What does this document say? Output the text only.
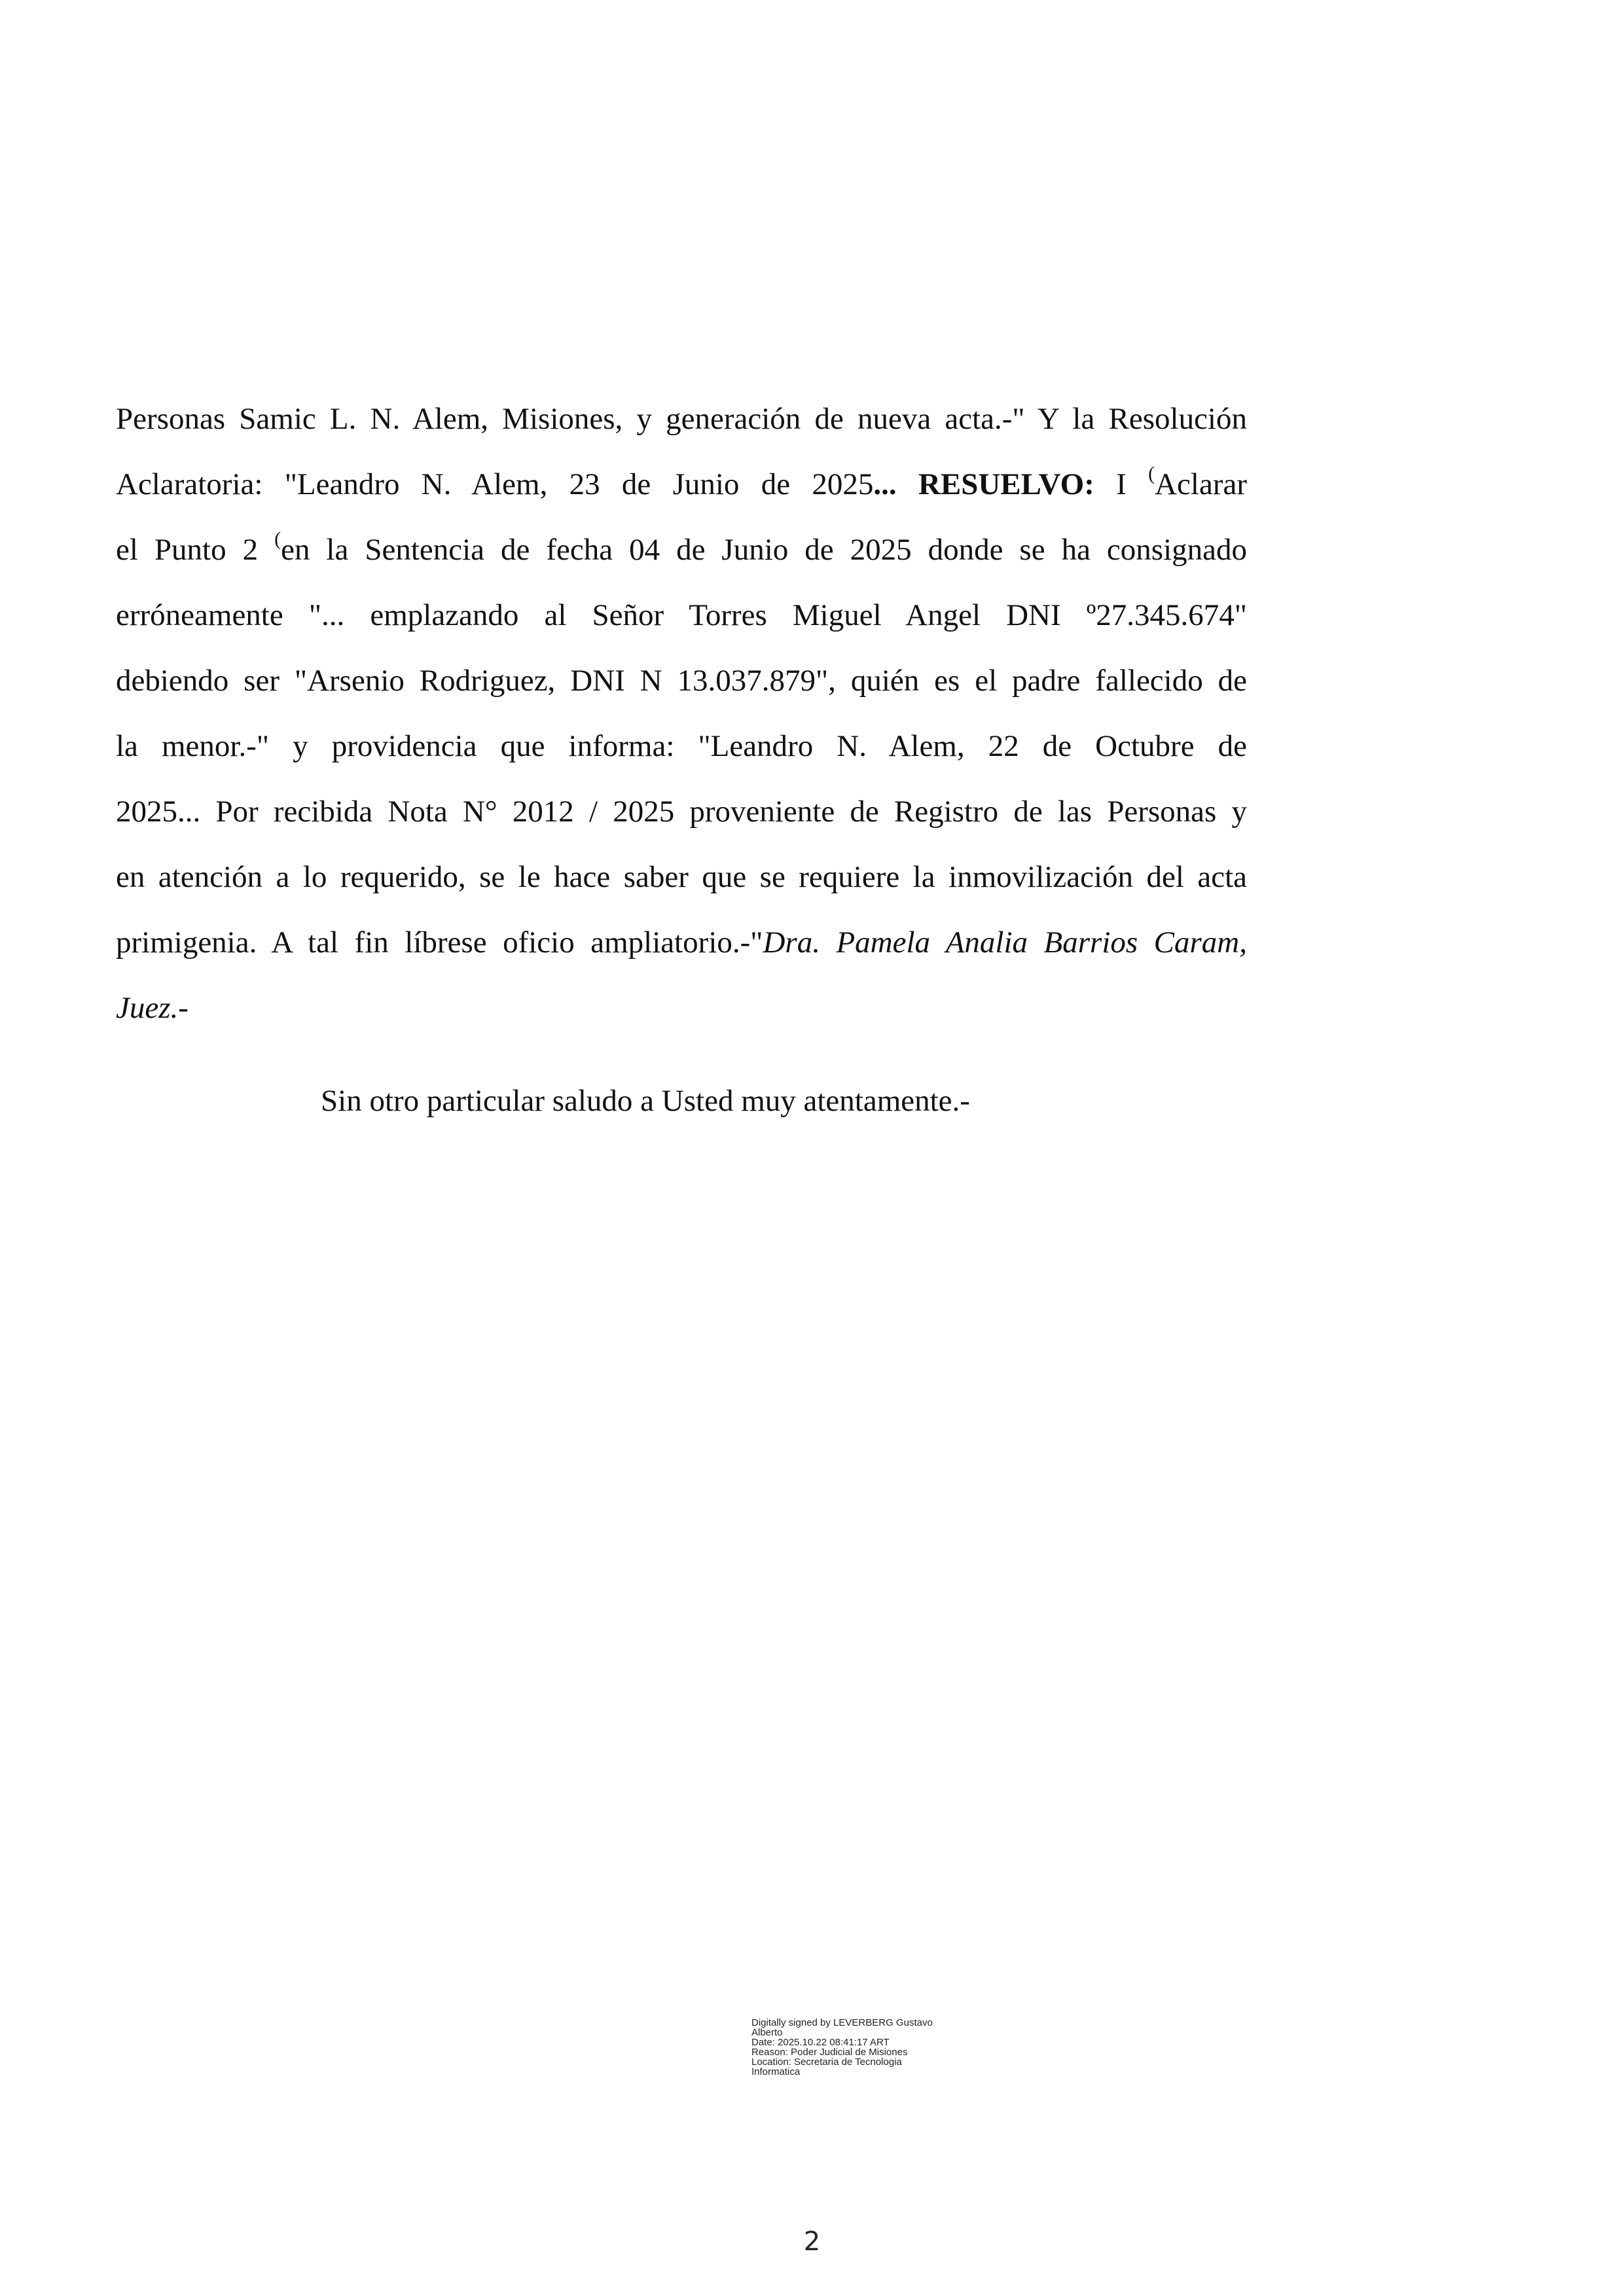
Personas Samic L. N. Alem, Misiones, y generación de nueva acta.-" Y la Resolución
Aclaratoria: "Leandro N. Alem, 23 de Junio de 2025... RESUELVO: I (Aclarar
el Punto 2 (en la Sentencia de fecha 04 de Junio de 2025 donde se ha consignado
erróneamente "... emplazando al Señor Torres Miguel Angel DNI º27.345.674"
debiendo ser "Arsenio Rodriguez, DNI N 13.037.879", quién es el padre fallecido de
la menor.-" y providencia que informa: "Leandro N. Alem, 22 de Octubre de
2025... Por recibida Nota N° 2012 / 2025 proveniente de Registro de las Personas y
en atención a lo requerido, se le hace saber que se requiere la inmovilización del acta
primigenia. A tal fin líbrese oficio ampliatorio.-"Dra. Pamela Analia Barrios Caram,
Juez.-

Sin otro particular saludo a Usted muy atentamente.-

Digitally signed by LEVERBERG Gustavo
Alberto
Date: 2025.10.22 08:41:17 ART
Reason: Poder Judicial de Misiones
Location: Secretaria de Tecnologia
Informatica
2
